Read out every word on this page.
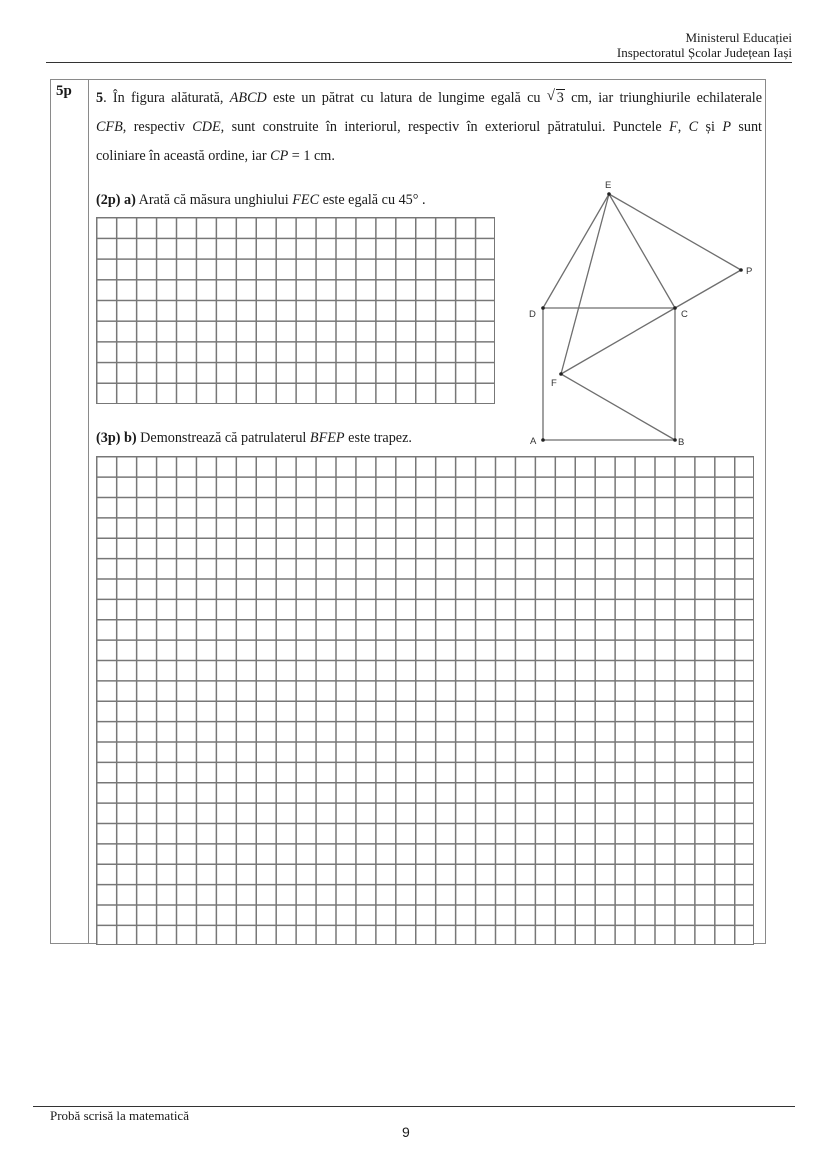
Ministerul Educației
Inspectoratul Școlar Județean Iași
5p 5. În figura alăturată, ABCD este un pătrat cu latura de lungime egală cu √ 3 cm, iar triunghiurile echilaterale
CFB, respectiv CDE, sunt construite în interiorul, respectiv în exteriorul pătratului. Punctele F, C și P sunt
coliniare în această ordine, iar CP = 1 cm.
(2p) a) Arată că măsura unghiului FEC este egală cu 45° .
E
D	C
P
F
A	B
(3p) b) Demonstrează că patrulaterul BFEP este trapez.
Probă scrisă la matematică
9
